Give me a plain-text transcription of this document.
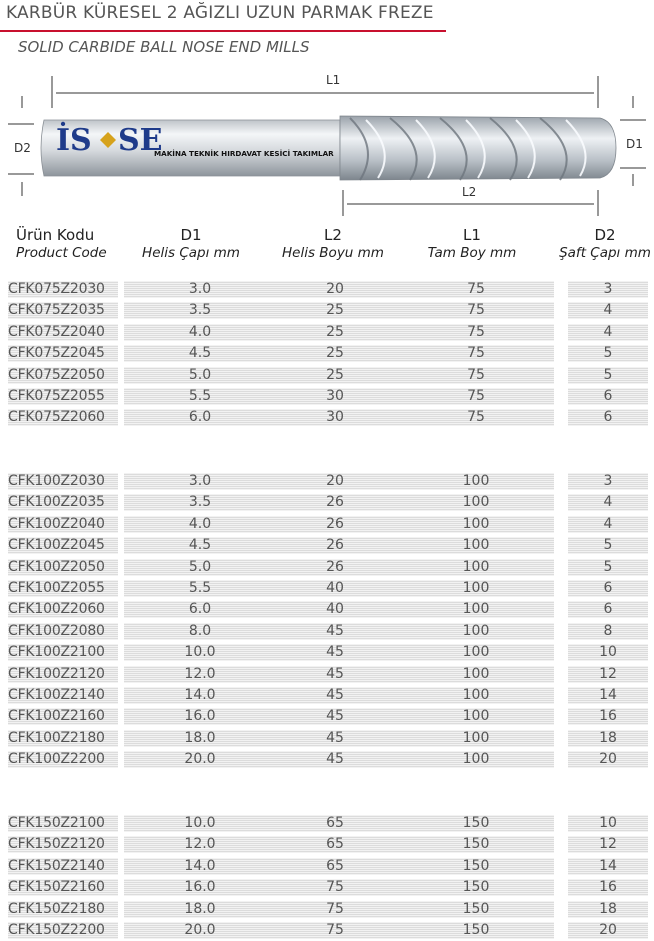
KARBÜR KÜRESEL 2 AĞIZLI UZUN PARMAK FREZE
SOLID CARBIDE BALL NOSE END MILLS
L1
D2	D1
İS SE
MAKİNA TEKNİK HIRDAVAT KESİCİ TAKIMLAR
L2
Ürün Kodu
Product Code
D1
Helis Çapı mm
L2
Helis Boyu mm
L1
Tam Boy mm
D2
Şaft Çapı mm
CFK075Z2030	3.0	20	75	3
CFK075Z2035	3.5	25	75	4
CFK075Z2040	4.0	25	75	4
CFK075Z2045	4.5	25	75	5
CFK075Z2050	5.0	25	75	5
CFK075Z2055	5.5	30	75	6
CFK075Z2060	6.0	30	75	6
CFK100Z2030	3.0	20	100	3
CFK100Z2035	3.5	26	100	4
CFK100Z2040	4.0	26	100	4
CFK100Z2045	4.5	26	100	5
CFK100Z2050	5.0	26	100	5
CFK100Z2055	5.5	40	100	6
CFK100Z2060	6.0	40	100	6
CFK100Z2080	8.0	45	100	8
CFK100Z2100	10.0	45	100	10
CFK100Z2120	12.0	45	100	12
CFK100Z2140	14.0	45	100	14
CFK100Z2160	16.0	45	100	16
CFK100Z2180	18.0	45	100	18
CFK100Z2200	20.0	45	100	20
CFK150Z2100	10.0	65	150	10
CFK150Z2120	12.0	65	150	12
CFK150Z2140	14.0	65	150	14
CFK150Z2160	16.0	75	150	16
CFK150Z2180	18.0	75	150	18
CFK150Z2200	20.0	75	150	20
